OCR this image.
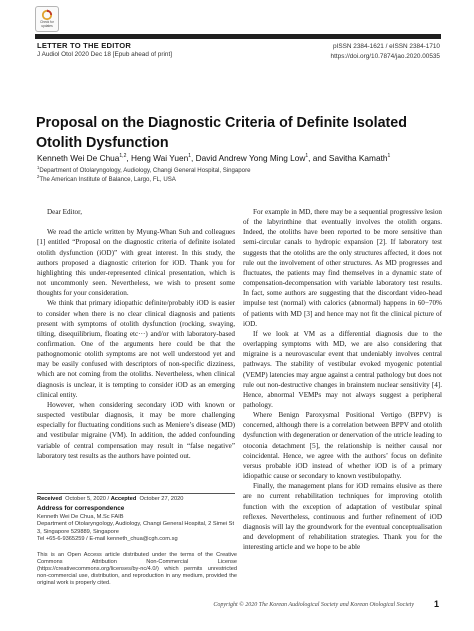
Check for updates
LETTER TO THE EDITOR
J Audiol Otol 2020 Dec 18 [Epub ahead of print]
pISSN 2384-1621 / eISSN 2384-1710
https://doi.org/10.7874/jao.2020.00535
Proposal on the Diagnostic Criteria of Definite Isolated
Otolith Dysfunction
Kenneth Wei De Chua$^{1,2}$, Heng Wai Yuen$^1$, David Andrew Yong Ming Low$^1$, and Savitha Kamath$^1$
$^1$Department of Otolaryngology, Audiology, Changi General Hospital, Singapore
$^2$The American Institute of Balance, Largo, FL, USA

Dear Editor,

We read the article written by Myung-Whan Suh and colleagues [1] entitled “Proposal on the diagnostic criteria of definite isolated otolith dysfunction (iOD)” with great interest. In this study, the authors proposed a diagnostic criterion for iOD. Thank you for highlighting this under-represented clinical presentation, which is not uncommonly seen. Nevertheless, we wish to present some thoughts for your consideration.

We think that primary idiopathic definite/probably iOD is easier to consider when there is no clear clinical diagnosis and patients present with symptoms of otolith dysfunction (rocking, swaying, tilting, disequilibrium, floating etc···) and/or with laboratory-based confirmation. One of the arguments here could be that the pathognomonic otolith symptoms are not well understood yet and may be easily confused with descriptors of non-specific dizziness, which are not coming from the otoliths. Nevertheless, when clinical diagnosis is unclear, it is tempting to consider iOD as an emerging clinical entity.

However, when considering secondary iOD with known or suspected vestibular diagnosis, it may be more challenging especially for fluctuating conditions such as Meniere’s disease (MD) and vestibular migraine (VM). In addition, the added confounding variable of central compensation may result in “false negative” laboratory test results as the authors have pointed out.

Received October 5, 2020 / Accepted October 27, 2020
Address for correspondence
Kenneth Wei De Chua, M.Sc FAIB
Department of Otolaryngology, Audiology, Changi General Hospital, 2 Simei St 3, Singapore 529889, Singapore
Tel +65-6-9365259 / E-mail kenneth_chua@cgh.com.sg
This is an Open Access article distributed under the terms of the Creative Commons Attribution Non-Commercial License (https://creativecommons.org/licenses/by-nc/4.0/) which permits unrestricted non-commercial use, distribution, and reproduction in any medium, provided the original work is properly cited.

For example in MD, there may be a sequential progressive lesion of the labyrinthine that eventually involves the otolith organs. Indeed, the otoliths have been reported to be more sensitive than semi-circular canals to hydropic expansion [2]. If laboratory test suggests that the otoliths are the only structures affected, it does not rule out the involvement of other structures. As MD progresses and fluctuates, the patients may find themselves in a dynamic state of compensation-decompensation with variable laboratory test results. In fact, some authors are suggesting that the discordant video-head impulse test (normal) with calorics (abnormal) happens in 60−70% of patients with MD [3] and hence may not fit the clinical picture of iOD.

If we look at VM as a differential diagnosis due to the overlapping symptoms with MD, we are also considering that migraine is a neurovascular event that undeniably involves central pathways. The stability of vestibular evoked myogenic potential (VEMP) latencies may argue against a central pathology but does not rule out non-destructive changes in brainstem nuclear sensitivity [4]. Hence, abnormal VEMPs may not always suggest a peripheral pathology.

Where Benign Paroxysmal Positional Vertigo (BPPV) is concerned, although there is a correlation between BPPV and otolith dysfunction with degeneration or denervation of the utricle leading to otoconia detachment [5], the relationship is neither causal nor coincidental. Hence, we agree with the authors’ focus on definite versus probable iOD instead of whether iOD is of a primary idiopathic cause or secondary to known vestibulopathy.

Finally, the management plans for iOD remains elusive as there are no current rehabilitation techniques for improving otolith function with the exception of adaptation of vestibular spinal reflexes. Nevertheless, continuous and further refinement of iOD diagnosis will lay the groundwork for the eventual conceptualisation and development of rehabilitation strategies. Thank you for the interesting article and we hope to be able

Copyright © 2020 The Korean Audiological Society and Korean Otological Society 1
